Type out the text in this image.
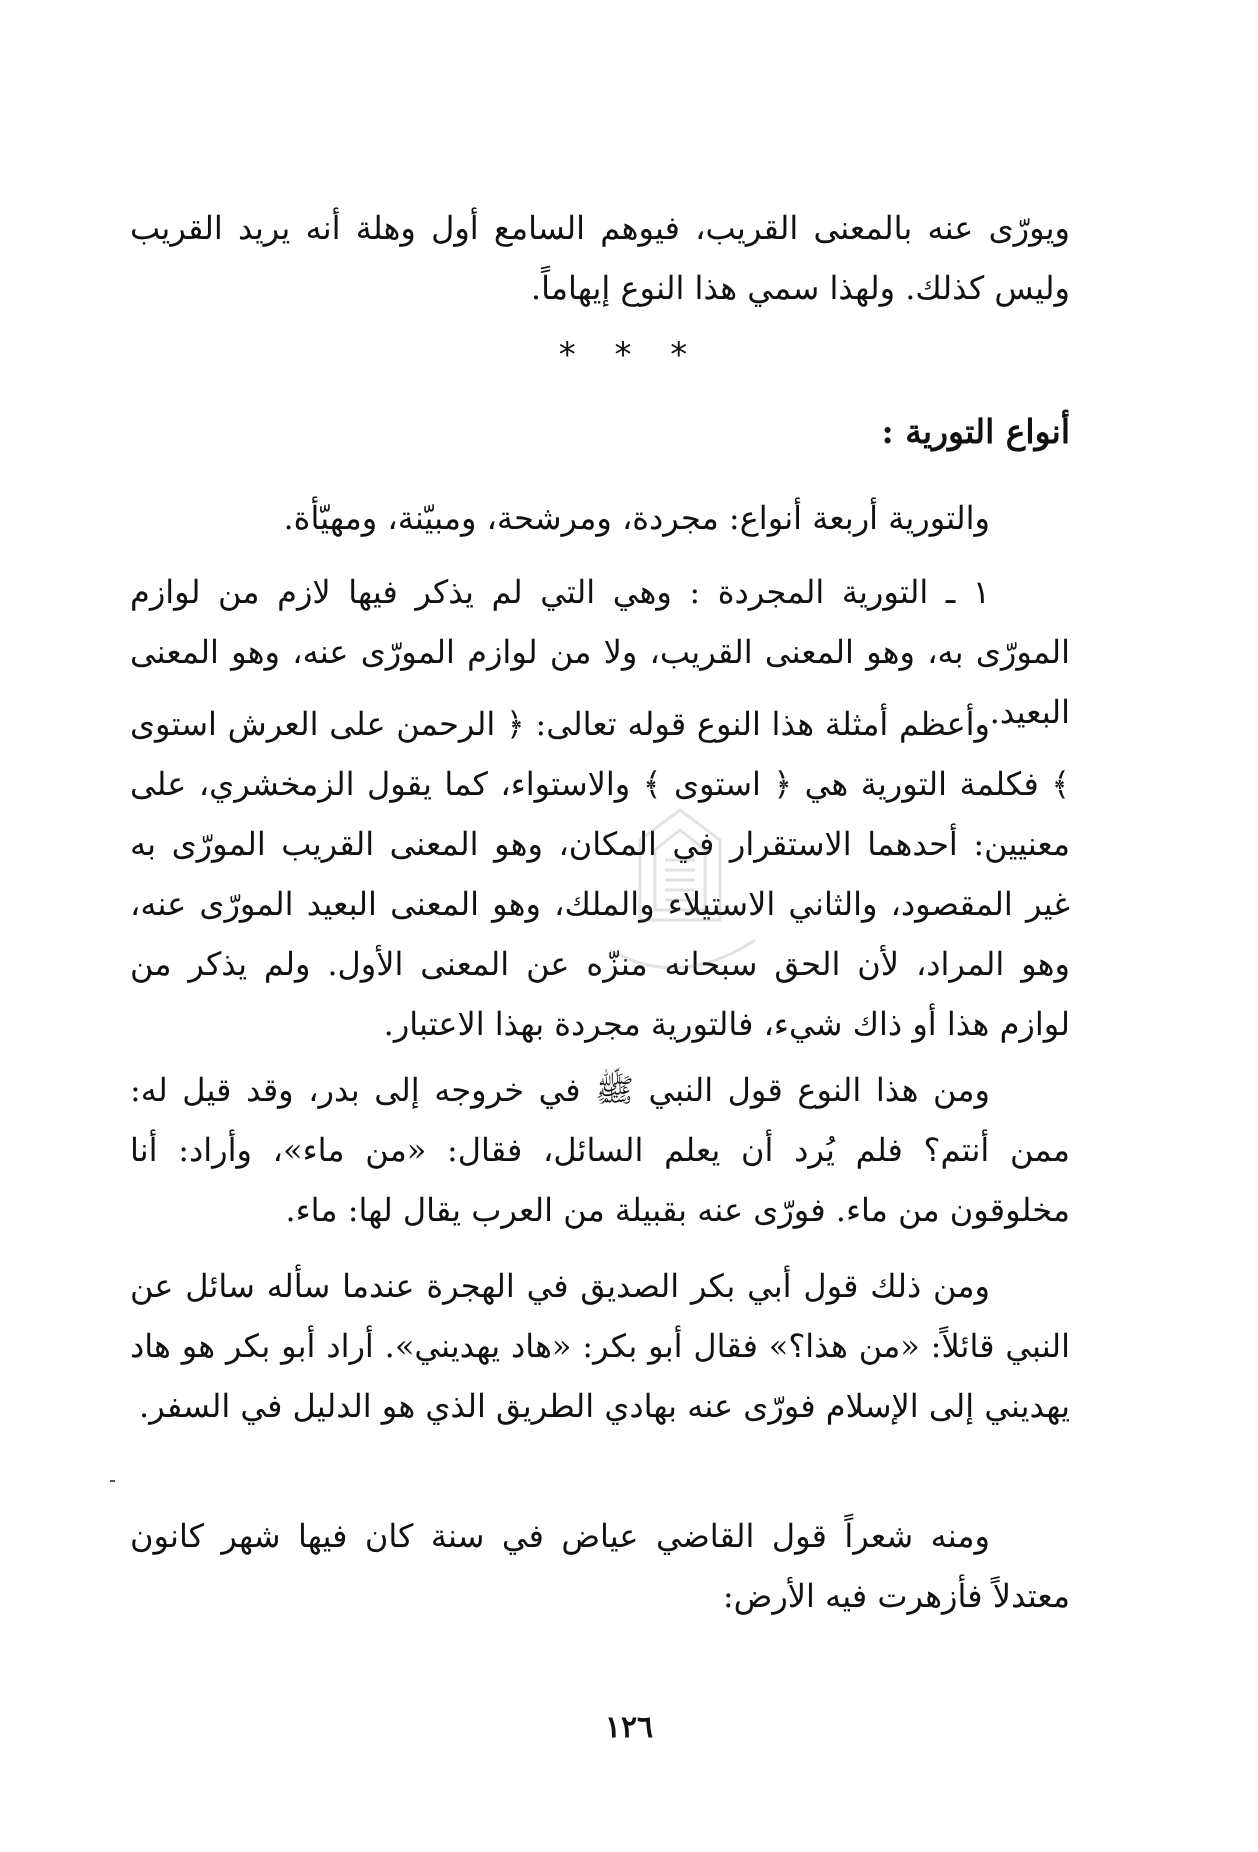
ويورّى عنه بالمعنى القريب، فيوهم السامع أول وهلة أنه يريد القريب وليس كذلك. ولهذا سمي هذا النوع إيهاماً.

* * *
أنواع التورية :

والتورية أربعة أنواع: مجردة، ومرشحة، ومبيّنة، ومهيّأة.

١ ـ التورية المجردة : وهي التي لم يذكر فيها لازم من لوازم المورّى به، وهو المعنى القريب، ولا من لوازم المورّى عنه، وهو المعنى البعيد.

وأعظم أمثلة هذا النوع قوله تعالى: ﴿ الرحمن على العرش استوى ﴾ فكلمة التورية هي ﴿ استوى ﴾ والاستواء، كما يقول الزمخشري، على معنيين: أحدهما الاستقرار في المكان، وهو المعنى القريب المورّى به غير المقصود، والثاني الاستيلاء والملك، وهو المعنى البعيد المورّى عنه، وهو المراد، لأن الحق سبحانه منزّه عن المعنى الأول. ولم يذكر من لوازم هذا أو ذاك شيء، فالتورية مجردة بهذا الاعتبار.

ومن هذا النوع قول النبي ﷺ في خروجه إلى بدر، وقد قيل له: ممن أنتم؟ فلم يُرد أن يعلم السائل، فقال: «من ماء»، وأراد: أنا مخلوقون من ماء. فورّى عنه بقبيلة من العرب يقال لها: ماء.

ومن ذلك قول أبي بكر الصديق في الهجرة عندما سأله سائل عن النبي قائلاً: «من هذا؟» فقال أبو بكر: «هاد يهديني». أراد أبو بكر هو هاد يهديني إلى الإسلام فورّى عنه بهادي الطريق الذي هو الدليل في السفر.

ومنه شعراً قول القاضي عياض في سنة كان فيها شهر كانون معتدلاً فأزهرت فيه الأرض:

١٢٦
